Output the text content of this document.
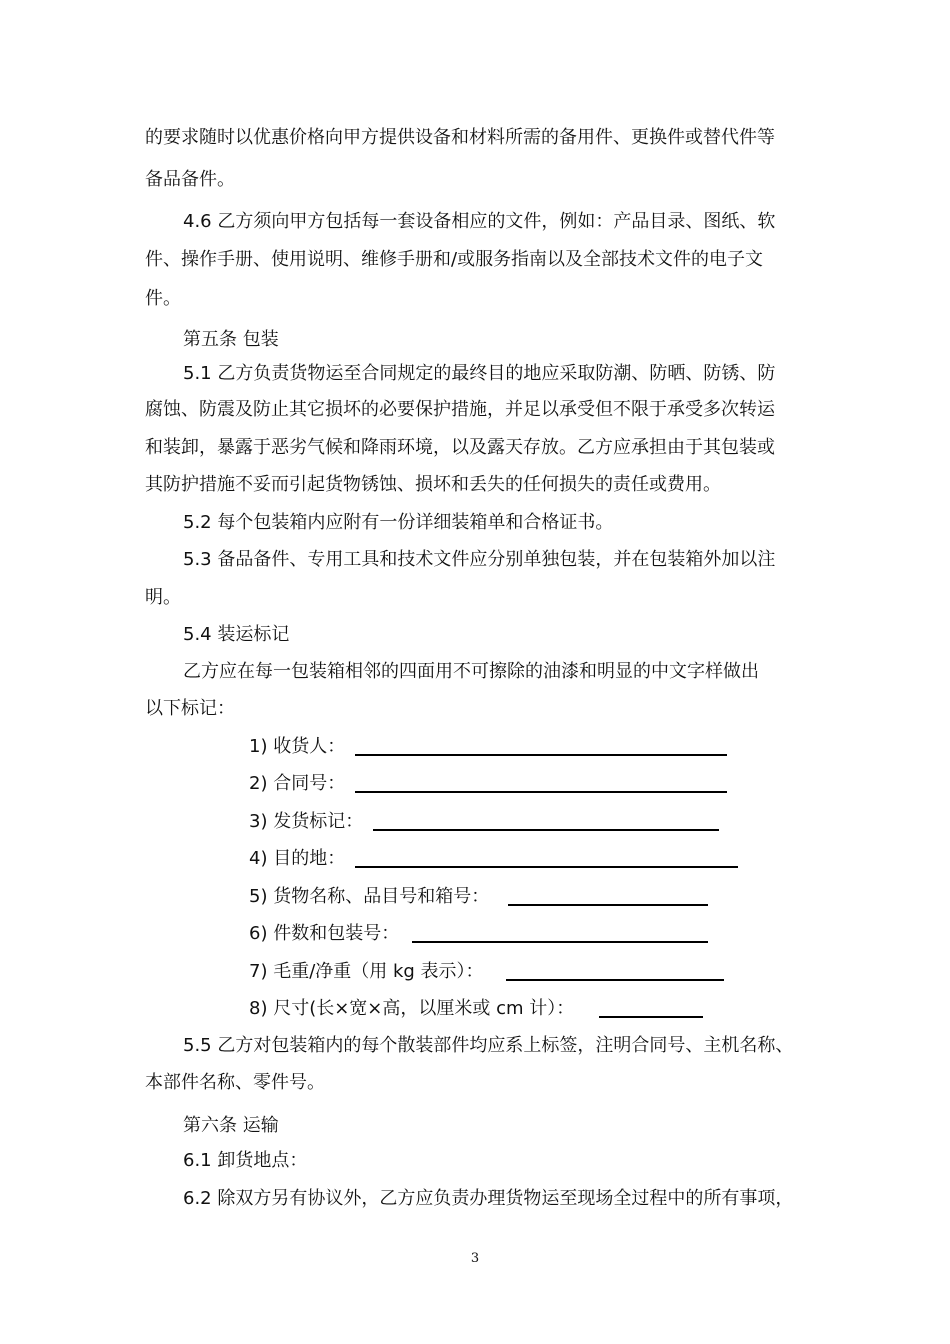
的要求随时以优惠价格向甲方提供设备和材料所需的备用件、更换件或替代件等
备品备件。
4.6 乙方须向甲方包括每一套设备相应的文件，例如：产品目录、图纸、软
件、操作手册、使用说明、维修手册和/或服务指南以及全部技术文件的电子文
件。
第五条 包装
5.1 乙方负责货物运至合同规定的最终目的地应采取防潮、防晒、防锈、防
腐蚀、防震及防止其它损坏的必要保护措施，并足以承受但不限于承受多次转运
和装卸，暴露于恶劣气候和降雨环境，以及露天存放。乙方应承担由于其包装或
其防护措施不妥而引起货物锈蚀、损坏和丢失的任何损失的责任或费用。
5.2 每个包装箱内应附有一份详细装箱单和合格证书。
5.3 备品备件、专用工具和技术文件应分别单独包装，并在包装箱外加以注
明。
5.4 装运标记
乙方应在每一包装箱相邻的四面用不可擦除的油漆和明显的中文字样做出
以下标记：
1) 收货人：
2) 合同号：
3) 发货标记：
4) 目的地：
5) 货物名称、品目号和箱号：
6) 件数和包装号：
7) 毛重/净重（用 kg 表示）：
8) 尺寸(长×宽×高，以厘米或 cm 计）：
5.5 乙方对包装箱内的每个散装部件均应系上标签，注明合同号、主机名称、
本部件名称、零件号。
第六条 运输
6.1 卸货地点：
6.2 除双方另有协议外，乙方应负责办理货物运至现场全过程中的所有事项，
3
